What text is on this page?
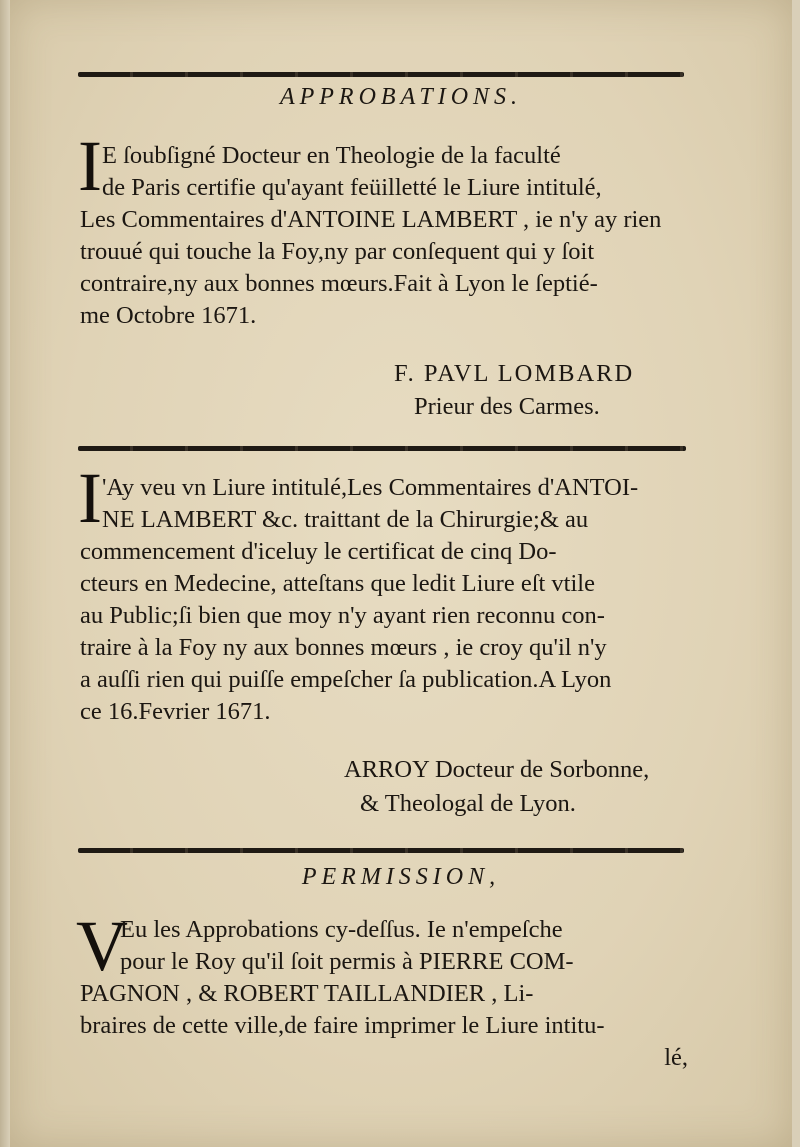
APPROBATIONS.
I E ſoubſigné Docteur en Theologie de la faculté
de Paris certifie qu'ayant feüilletté le Liure intitulé,
Les Commentaires d'ANTOINE LAMBERT , ie n'y ay rien
trouué qui touche la Foy,ny par conſequent qui y ſoit
contraire,ny aux bonnes mœurs.Fait à Lyon le ſeptié-
me Octobre 1671.
F. PAVL LOMBARD
Prieur des Carmes.
I 'Ay veu vn Liure intitulé,Les Commentaires d'ANTOI-
NE LAMBERT &c. traittant de la Chirurgie;& au
commencement d'iceluy le certificat de cinq Do-
cteurs en Medecine, atteſtans que ledit Liure eſt vtile
au Public;ſi bien que moy n'y ayant rien reconnu con-
traire à la Foy ny aux bonnes mœurs , ie croy qu'il n'y
a auſſi rien qui puiſſe empeſcher ſa publication.A Lyon
ce 16.Fevrier 1671.
ARROY Docteur de Sorbonne,
& Theologal de Lyon.
PERMISSION,
V
Eu les Approbations cy-deſſus. Ie n'empeſche
pour le Roy qu'il ſoit permis à PIERRE COM-
PAGNON , & ROBERT TAILLANDIER , Li-
braires de cette ville,de faire imprimer le Liure intitu-
lé,
